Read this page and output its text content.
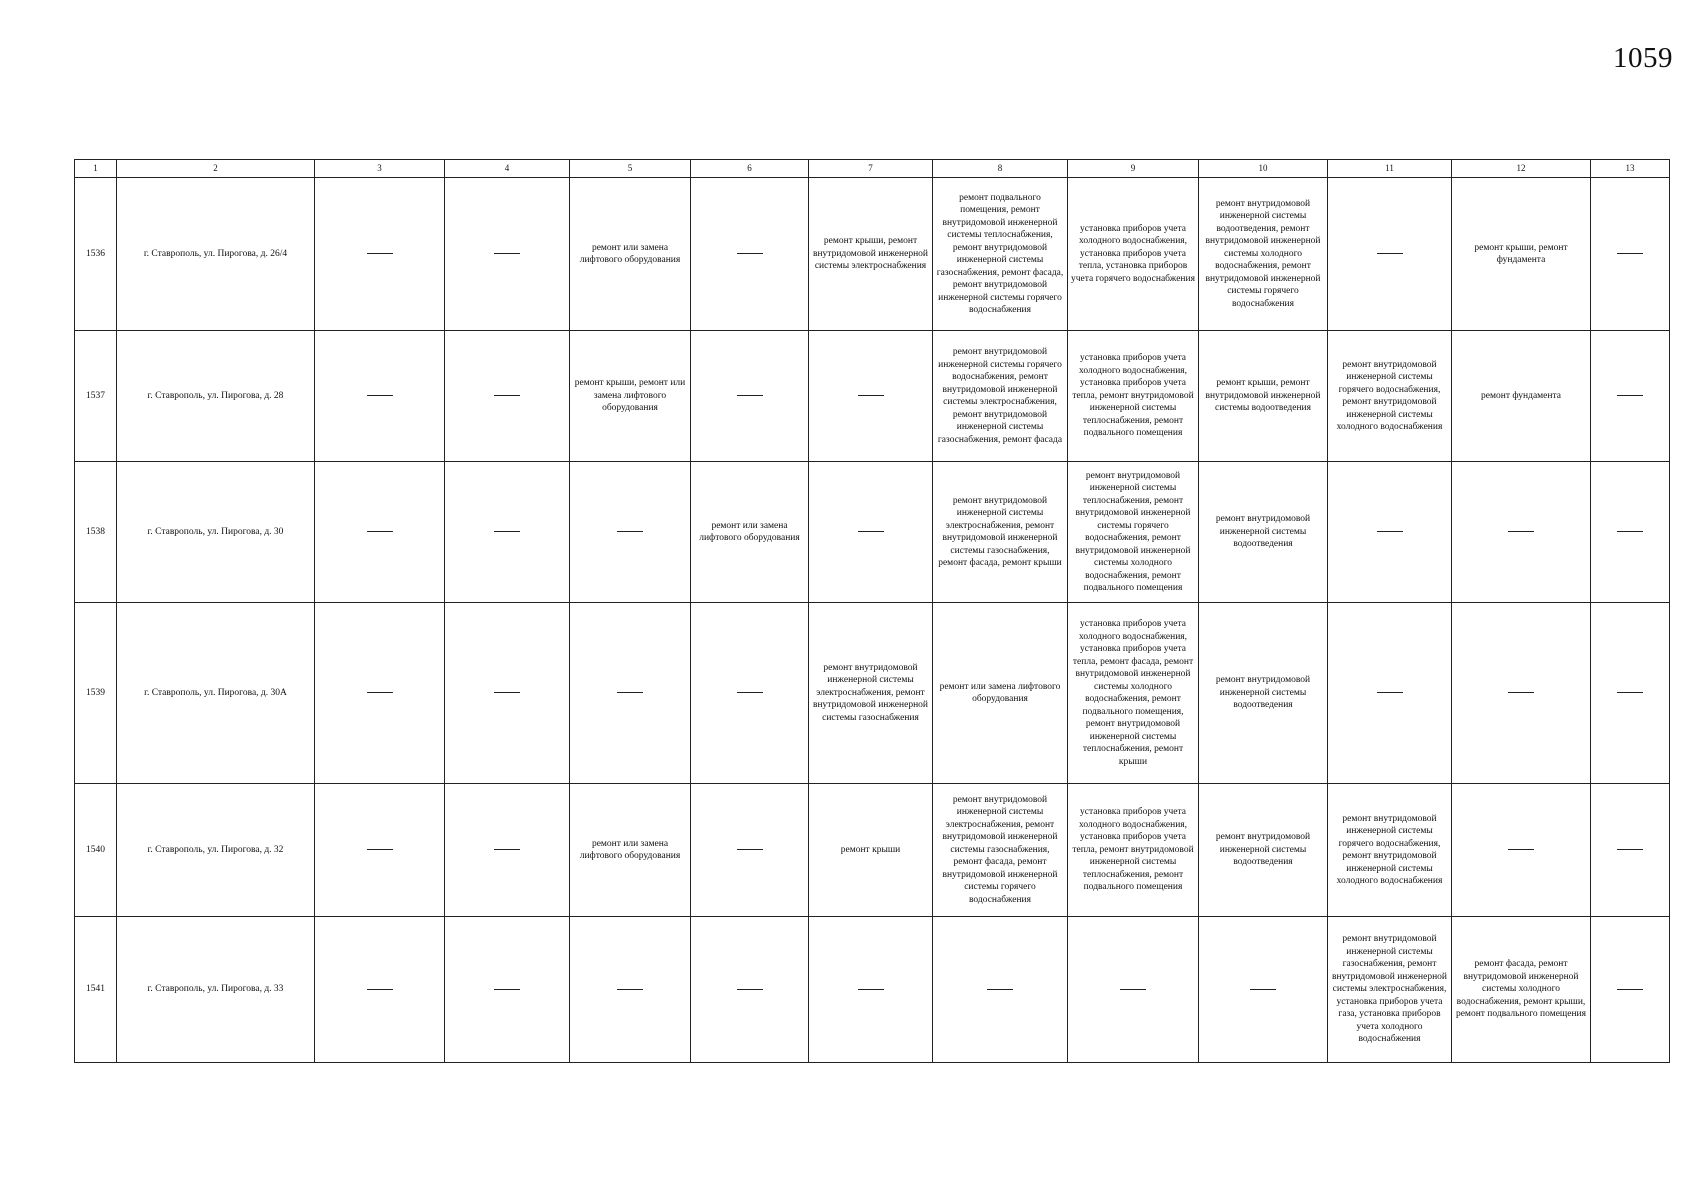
1059
1	2	3	4	5	6	7	8	9	10	11	12	13
1536	г. Ставрополь, ул. Пирогова, д. 26/4			ремонт или замена лифтового оборудования		ремонт крыши, ремонт внутридомовой инженерной системы электроснабжения	ремонт подвального помещения, ремонт внутридомовой инженерной системы теплоснабжения, ремонт внутридомовой инженерной системы газоснабжения, ремонт фасада, ремонт внутридомовой инженерной системы горячего водоснабжения	установка приборов учета холодного водоснабжения, установка приборов учета тепла, установка приборов учета горячего водоснабжения	ремонт внутридомовой инженерной системы водоотведения, ремонт внутридомовой инженерной системы холодного водоснабжения, ремонт внутридомовой инженерной системы горячего водоснабжения		ремонт крыши, ремонт фундамента	
1537	г. Ставрополь, ул. Пирогова, д. 28			ремонт крыши, ремонт или замена лифтового оборудования			ремонт внутридомовой инженерной системы горячего водоснабжения, ремонт внутридомовой инженерной системы электроснабжения, ремонт внутридомовой инженерной системы газоснабжения, ремонт фасада	установка приборов учета холодного водоснабжения, установка приборов учета тепла, ремонт внутридомовой инженерной системы теплоснабжения, ремонт подвального помещения	ремонт крыши, ремонт внутридомовой инженерной системы водоотведения	ремонт внутридомовой инженерной системы горячего водоснабжения, ремонт внутридомовой инженерной системы холодного водоснабжения	ремонт фундамента	
1538	г. Ставрополь, ул. Пирогова, д. 30				ремонт или замена лифтового оборудования		ремонт внутридомовой инженерной системы электроснабжения, ремонт внутридомовой инженерной системы газоснабжения, ремонт фасада, ремонт крыши	ремонт внутридомовой инженерной системы теплоснабжения, ремонт внутридомовой инженерной системы горячего водоснабжения, ремонт внутридомовой инженерной системы холодного водоснабжения, ремонт подвального помещения	ремонт внутридомовой инженерной системы водоотведения			
1539	г. Ставрополь, ул. Пирогова, д. 30А					ремонт внутридомовой инженерной системы электроснабжения, ремонт внутридомовой инженерной системы газоснабжения	ремонт или замена лифтового оборудования	установка приборов учета холодного водоснабжения, установка приборов учета тепла, ремонт фасада, ремонт внутридомовой инженерной системы холодного водоснабжения, ремонт подвального помещения, ремонт внутридомовой инженерной системы теплоснабжения, ремонт крыши	ремонт внутридомовой инженерной системы водоотведения			
1540	г. Ставрополь, ул. Пирогова, д. 32			ремонт или замена лифтового оборудования		ремонт крыши	ремонт внутридомовой инженерной системы электроснабжения, ремонт внутридомовой инженерной системы газоснабжения, ремонт фасада, ремонт внутридомовой инженерной системы горячего водоснабжения	установка приборов учета холодного водоснабжения, установка приборов учета тепла, ремонт внутридомовой инженерной системы теплоснабжения, ремонт подвального помещения	ремонт внутридомовой инженерной системы водоотведения	ремонт внутридомовой инженерной системы горячего водоснабжения, ремонт внутридомовой инженерной системы холодного водоснабжения		
1541	г. Ставрополь, ул. Пирогова, д. 33									ремонт внутридомовой инженерной системы газоснабжения, ремонт внутридомовой инженерной системы электроснабжения, установка приборов учета газа, установка приборов учета холодного водоснабжения	ремонт фасада, ремонт внутридомовой инженерной системы холодного водоснабжения, ремонт крыши, ремонт подвального помещения	
